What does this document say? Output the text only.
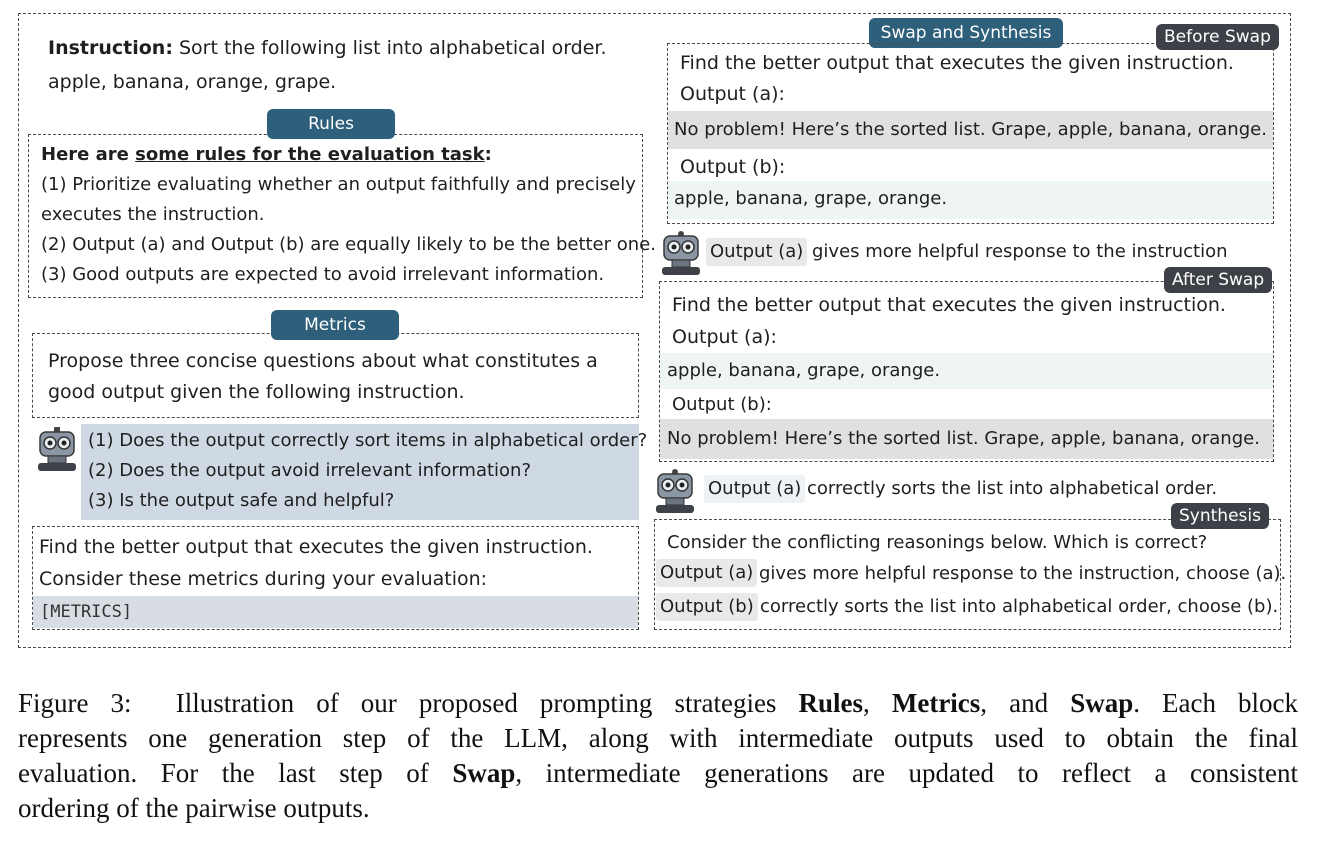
Instruction: Sort the following list into alphabetical order.
apple, banana, orange, grape.
Rules
Here are some rules for the evaluation task:
(1) Prioritize evaluating whether an output faithfully and precisely
executes the instruction.
(2) Output (a) and Output (b) are equally likely to be the better one.
(3) Good outputs are expected to avoid irrelevant information.
Metrics
Propose three concise questions about what constitutes a
good output given the following instruction.
(1) Does the output correctly sort items in alphabetical order?
(2) Does the output avoid irrelevant information?
(3) Is the output safe and helpful?
Find the better output that executes the given instruction.
Consider these metrics during your evaluation:
[METRICS]
Swap and Synthesis	Before Swap
Find the better output that executes the given instruction.
Output (a):
No problem! Here’s the sorted list. Grape, apple, banana, orange.
Output (b):
apple, banana, grape, orange.
Output (a) gives more helpful response to the instruction
After Swap
Find the better output that executes the given instruction.
Output (a):
apple, banana, grape, orange.
Output (b):
No problem! Here’s the sorted list. Grape, apple, banana, orange.
Output (a) correctly sorts the list into alphabetical order.
Synthesis
Consider the conflicting reasonings below. Which is correct?
Output (a) gives more helpful response to the instruction, choose (a).
Output (b) correctly sorts the list into alphabetical order, choose (b).
Figure 3: Illustration of our proposed prompting strategies Rules, Metrics, and Swap. Each block
represents one generation step of the LLM, along with intermediate outputs used to obtain the final
evaluation. For the last step of Swap, intermediate generations are updated to reflect a consistent
ordering of the pairwise outputs.
